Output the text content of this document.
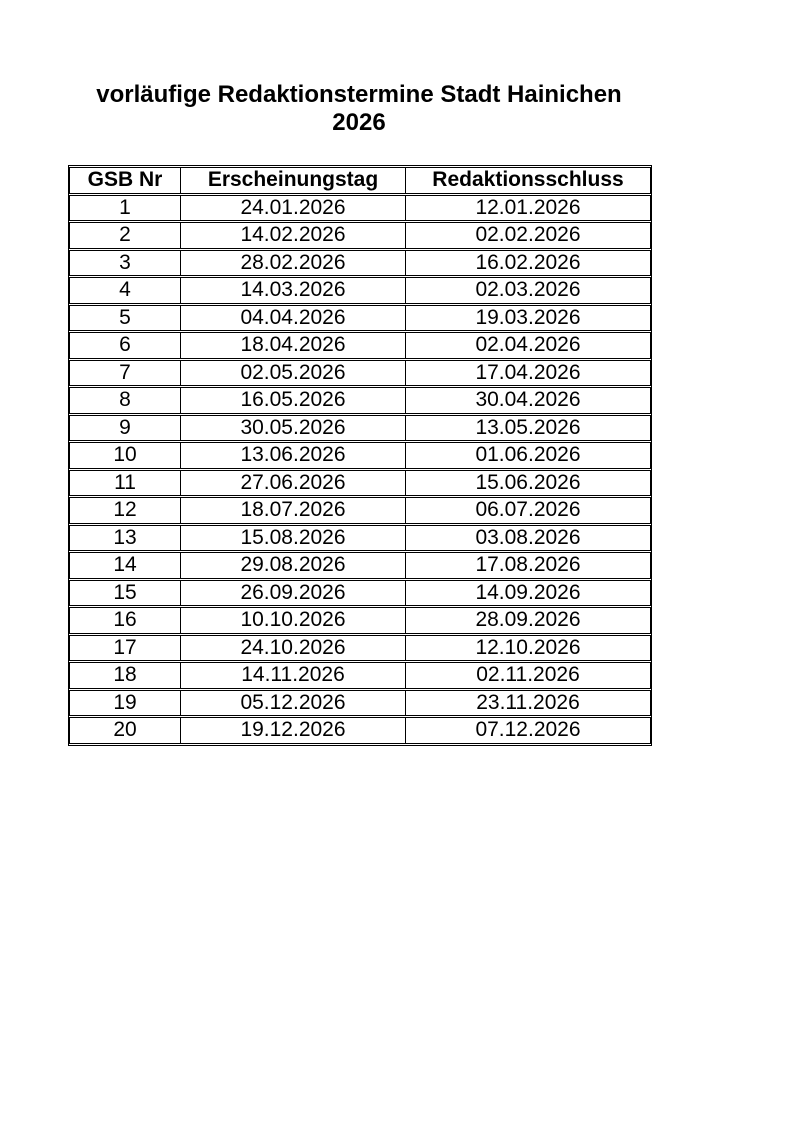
vorläufige Redaktionstermine Stadt Hainichen
2026
GSB Nr	Erscheinungstag	Redaktionsschluss
1	24.01.2026	12.01.2026
2	14.02.2026	02.02.2026
3	28.02.2026	16.02.2026
4	14.03.2026	02.03.2026
5	04.04.2026	19.03.2026
6	18.04.2026	02.04.2026
7	02.05.2026	17.04.2026
8	16.05.2026	30.04.2026
9	30.05.2026	13.05.2026
10	13.06.2026	01.06.2026
11	27.06.2026	15.06.2026
12	18.07.2026	06.07.2026
13	15.08.2026	03.08.2026
14	29.08.2026	17.08.2026
15	26.09.2026	14.09.2026
16	10.10.2026	28.09.2026
17	24.10.2026	12.10.2026
18	14.11.2026	02.11.2026
19	05.12.2026	23.11.2026
20	19.12.2026	07.12.2026
